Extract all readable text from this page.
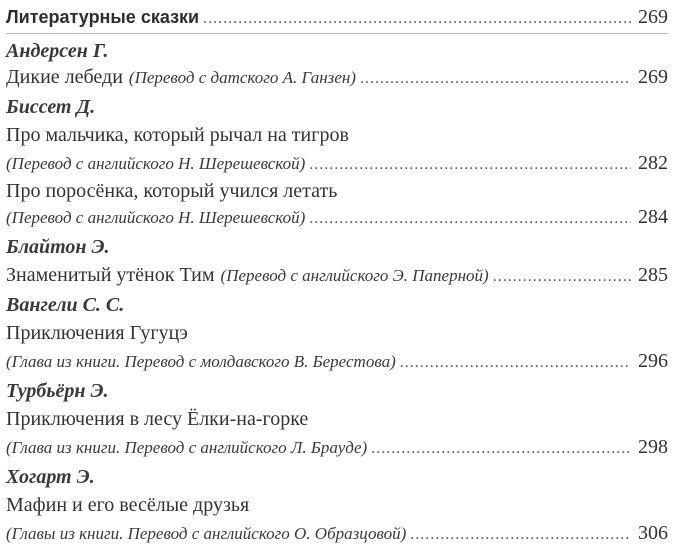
Литературные сказки .....	269
Андерсен Г.
Дикие лебеди (Перевод с датского А. Ганзен) .....	269
Биссет Д.
Про мальчика, который рычал на тигров
(Перевод с английского Н. Шерешевской) .....	282
Про поросёнка, который учился летать
(Перевод с английского Н. Шерешевской) .....	284
Блайтон Э.
Знаменитый утёнок Тим (Перевод с английского Э. Паперной) .....	285
Вангели С. С.
Приключения Гугуцэ
(Глава из книги. Перевод с молдавского В. Берестова) .....	296
Турбьёрн Э.
Приключения в лесу Ёлки-на-горке
(Глава из книги. Перевод с английского Л. Брауде) .....	298
Хогарт Э.
Мафин и его весёлые друзья
(Главы из книги. Перевод с английского О. Образцовой) .....	306
